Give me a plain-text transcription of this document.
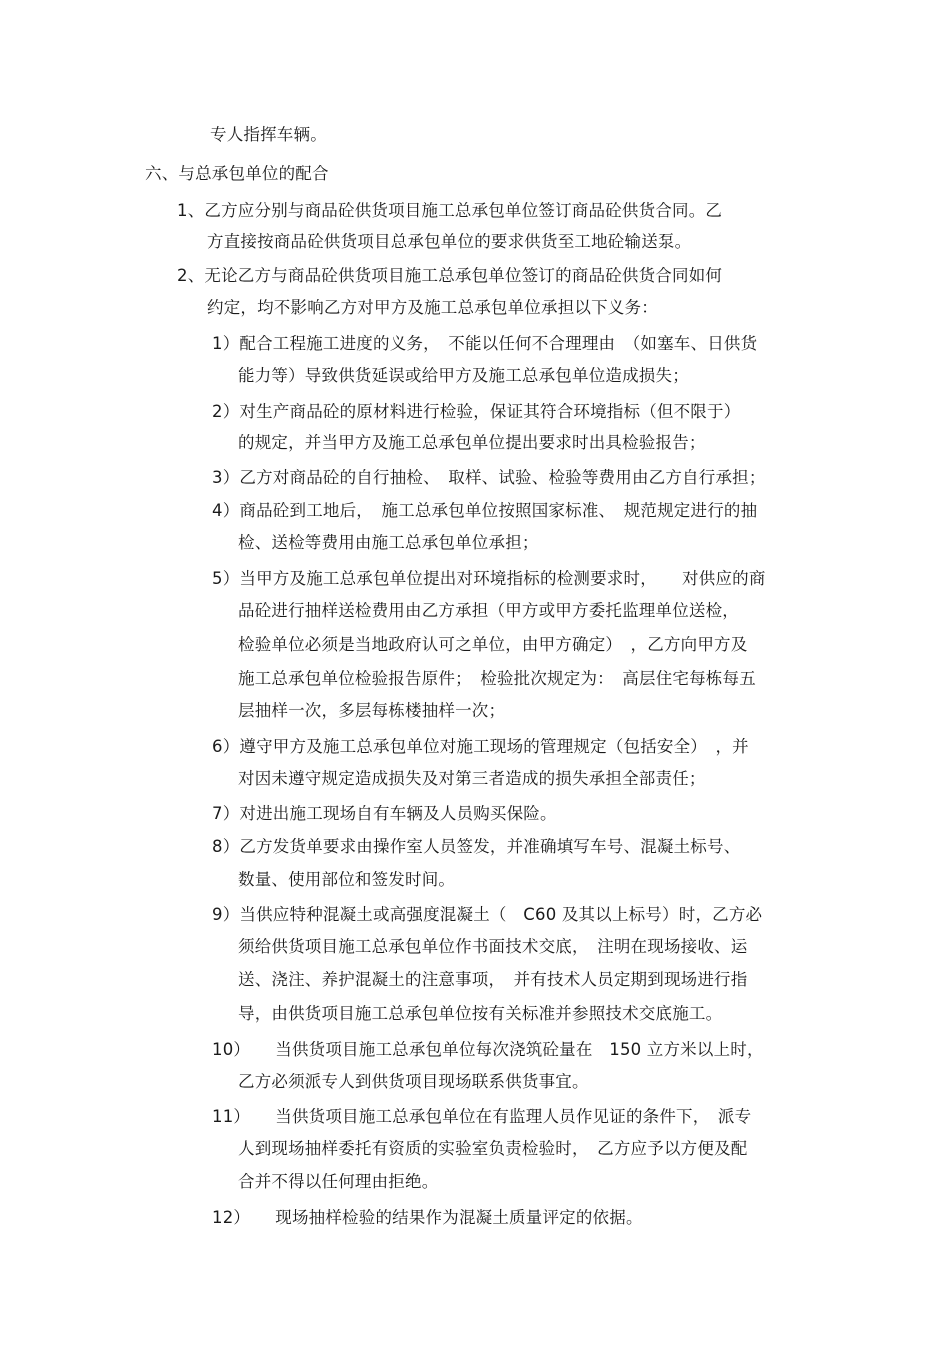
专人指挥车辆。
六、与总承包单位的配合
1、乙方应分别与商品砼供货项目施工总承包单位签订商品砼供货合同。乙
方直接按商品砼供货项目总承包单位的要求供货至工地砼输送泵。
2、无论乙方与商品砼供货项目施工总承包单位签订的商品砼供货合同如何
约定，均不影响乙方对甲方及施工总承包单位承担以下义务：
1）配合工程施工进度的义务，　不能以任何不合理理由　（如塞车、日供货
能力等）导致供货延误或给甲方及施工总承包单位造成损失；
2）对生产商品砼的原材料进行检验，保证其符合环境指标（但不限于）
的规定，并当甲方及施工总承包单位提出要求时出具检验报告；
3）乙方对商品砼的自行抽检、　取样、试验、检验等费用由乙方自行承担；
4）商品砼到工地后，　施工总承包单位按照国家标准、　规范规定进行的抽
检、送检等费用由施工总承包单位承担；
5）当甲方及施工总承包单位提出对环境指标的检测要求时，　　对供应的商
品砼进行抽样送检费用由乙方承担（甲方或甲方委托监理单位送检，
检验单位必须是当地政府认可之单位，由甲方确定）　，乙方向甲方及
施工总承包单位检验报告原件；　检验批次规定为：　高层住宅每栋每五
层抽样一次，多层每栋楼抽样一次；
6）遵守甲方及施工总承包单位对施工现场的管理规定（包括安全）　，并
对因未遵守规定造成损失及对第三者造成的损失承担全部责任；
7）对进出施工现场自有车辆及人员购买保险。
8）乙方发货单要求由操作室人员签发，并准确填写车号、混凝土标号、
数量、使用部位和签发时间。
9）当供应特种混凝土或高强度混凝土（　C60 及其以上标号）时，乙方必
须给供货项目施工总承包单位作书面技术交底，　注明在现场接收、运
送、浇注、养护混凝土的注意事项，　并有技术人员定期到现场进行指
导，由供货项目施工总承包单位按有关标准并参照技术交底施工。
10）　　当供货项目施工总承包单位每次浇筑砼量在　150 立方米以上时，
乙方必须派专人到供货项目现场联系供货事宜。
11）　　当供货项目施工总承包单位在有监理人员作见证的条件下，　派专
人到现场抽样委托有资质的实验室负责检验时，　乙方应予以方便及配
合并不得以任何理由拒绝。
12）　　现场抽样检验的结果作为混凝土质量评定的依据。
